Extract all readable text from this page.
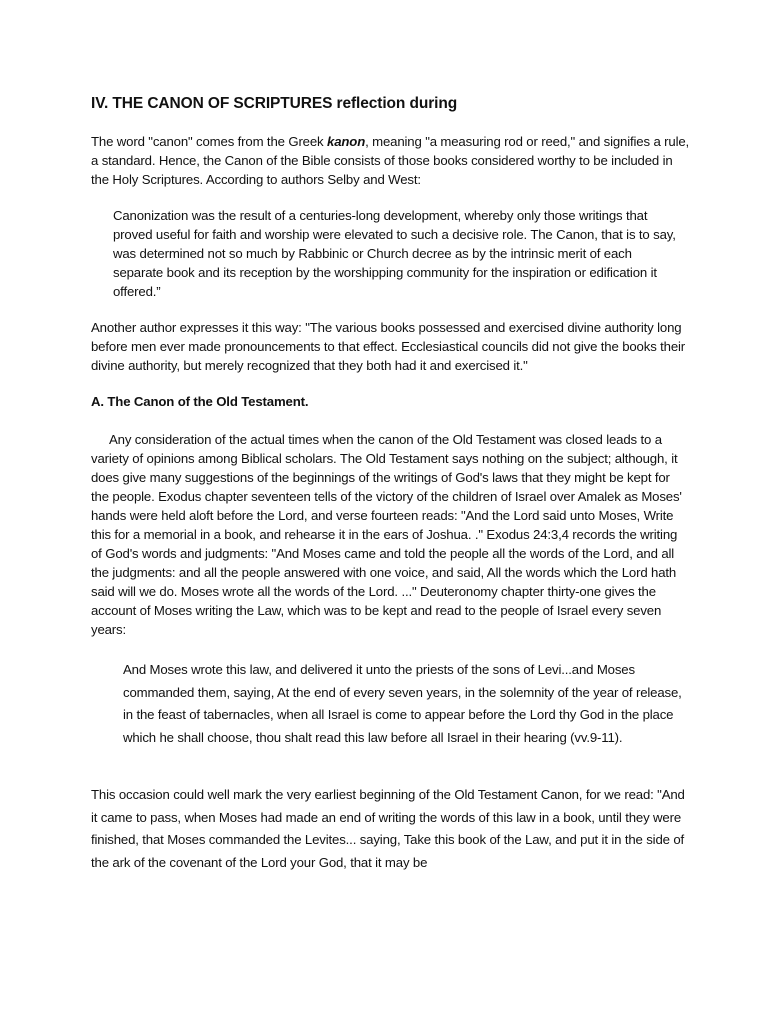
IV. THE CANON OF SCRIPTURES reflection during

The word "canon" comes from the Greek kanon, meaning "a measuring rod or reed," and signifies a rule, a standard. Hence, the Canon of the Bible consists of those books considered worthy to be included in the Holy Scriptures. According to authors Selby and West:

Canonization was the result of a centuries-long development, whereby only those writings that proved useful for faith and worship were elevated to such a decisive role. The Canon, that is to say, was determined not so much by Rabbinic or Church decree as by the intrinsic merit of each separate book and its reception by the worshipping community for the inspiration or edification it offered.”

Another author expresses it this way: "The various books possessed and exercised divine authority long before men ever made pronouncements to that effect. Ecclesiastical councils did not give the books their divine authority, but merely recognized that they both had it and exercised it."

A. The Canon of the Old Testament.

Any consideration of the actual times when the canon of the Old Testament was closed leads to a variety of opinions among Biblical scholars. The Old Testament says nothing on the subject; although, it does give many suggestions of the beginnings of the writings of God's laws that they might be kept for the people. Exodus chapter seventeen tells of the victory of the children of Israel over Amalek as Moses' hands were held aloft before the Lord, and verse fourteen reads: "And the Lord said unto Moses, Write this for a memorial in a book, and rehearse it in the ears of Joshua. ." Exodus 24:3,4 records the writing of God's words and judgments: "And Moses came and told the people all the words of the Lord, and all the judgments: and all the people answered with one voice, and said, All the words which the Lord hath said will we do. Moses wrote all the words of the Lord. ..." Deuteronomy chapter thirty-one gives the account of Moses writing the Law, which was to be kept and read to the people of Israel every seven years:

And Moses wrote this law, and delivered it unto the priests of the sons of Levi...and Moses commanded them, saying, At the end of every seven years, in the solemnity of the year of release, in the feast of tabernacles, when all Israel is come to appear before the Lord thy God in the place which he shall choose, thou shalt read this law before all Israel in their hearing (vv.9-11).

This occasion could well mark the very earliest beginning of the Old Testament Canon, for we read: "And it came to pass, when Moses had made an end of writing the words of this law in a book, until they were finished, that Moses commanded the Levites... saying, Take this book of the Law, and put it in the side of the ark of the covenant of the Lord your God, that it may be
